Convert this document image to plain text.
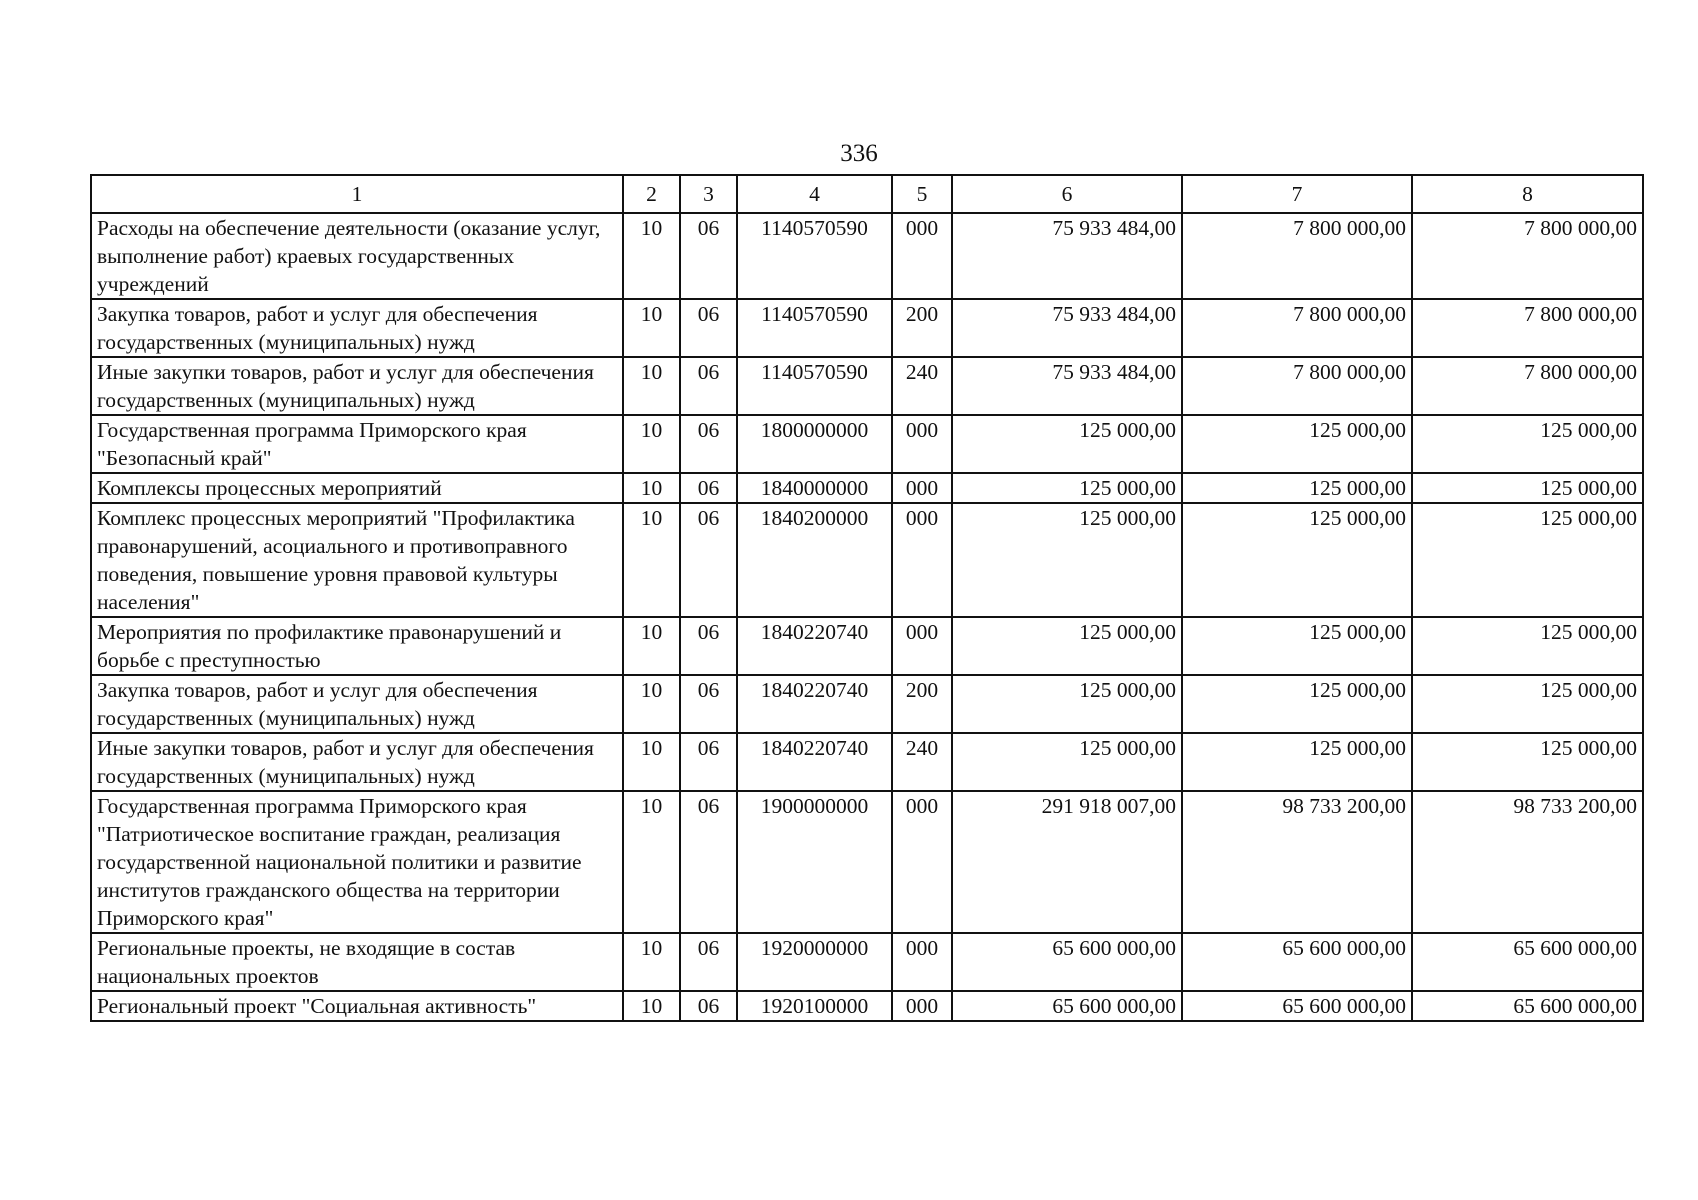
336
1	2	3	4	5	6	7	8
Расходы на обеспечение деятельности (оказание услуг, выполнение работ) краевых государственных учреждений	10	06	1140570590	000	75 933 484,00	7 800 000,00	7 800 000,00
Закупка товаров, работ и услуг для обеспечения государственных (муниципальных) нужд	10	06	1140570590	200	75 933 484,00	7 800 000,00	7 800 000,00
Иные закупки товаров, работ и услуг для обеспечения государственных (муниципальных) нужд	10	06	1140570590	240	75 933 484,00	7 800 000,00	7 800 000,00
Государственная программа Приморского края "Безопасный край"	10	06	1800000000	000	125 000,00	125 000,00	125 000,00
Комплексы процессных мероприятий	10	06	1840000000	000	125 000,00	125 000,00	125 000,00
Комплекс процессных мероприятий "Профилактика правонарушений, асоциального и противоправного поведения, повышение уровня правовой культуры населения"	10	06	1840200000	000	125 000,00	125 000,00	125 000,00
Мероприятия по профилактике правонарушений и борьбе с преступностью	10	06	1840220740	000	125 000,00	125 000,00	125 000,00
Закупка товаров, работ и услуг для обеспечения государственных (муниципальных) нужд	10	06	1840220740	200	125 000,00	125 000,00	125 000,00
Иные закупки товаров, работ и услуг для обеспечения государственных (муниципальных) нужд	10	06	1840220740	240	125 000,00	125 000,00	125 000,00
Государственная программа Приморского края "Патриотическое воспитание граждан, реализация государственной национальной политики и развитие институтов гражданского общества на территории Приморского края"	10	06	1900000000	000	291 918 007,00	98 733 200,00	98 733 200,00
Региональные проекты, не входящие в состав национальных проектов	10	06	1920000000	000	65 600 000,00	65 600 000,00	65 600 000,00
Региональный проект "Социальная активность"	10	06	1920100000	000	65 600 000,00	65 600 000,00	65 600 000,00
